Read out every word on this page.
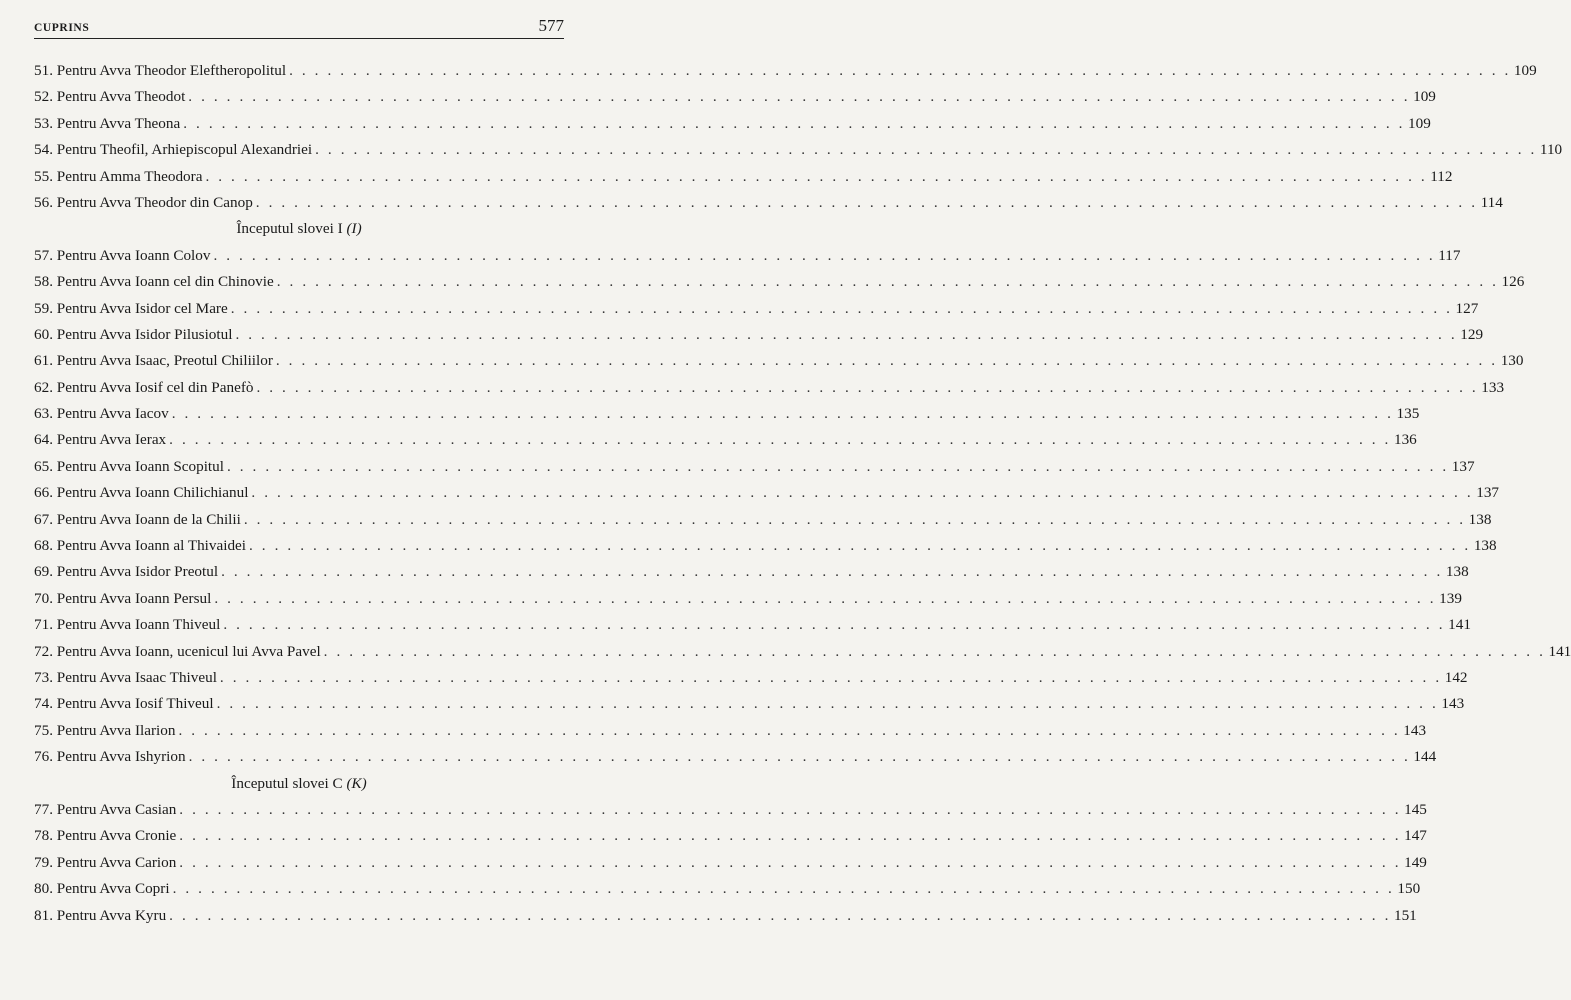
CUPRINS	577
51. Pentru Avva Theodor Eleftheropolitul . . . . . . . . . . . . . . . . . . . . . . . . . . . . . . . . . . . . . . . . . . . . . . . . . . . . . . . . . . . . . . . . . . . . . . . . . . . . . . . . . . . . . . . . . . . . . . . . 109
52. Pentru Avva Theodot . . . . . . . . . . . . . . . . . . . . . . . . . . . . . . . . . . . . . . . . . . . . . . . . . . . . . . . . . . . . . . . . . . . . . . . . . . . . . . . . . . . . . . . . . . . . . . . . 109
53. Pentru Avva Theona . . . . . . . . . . . . . . . . . . . . . . . . . . . . . . . . . . . . . . . . . . . . . . . . . . . . . . . . . . . . . . . . . . . . . . . . . . . . . . . . . . . . . . . . . . . . . . . . 109
54. Pentru Theofil, Arhiepiscopul Alexandriei . . . . . . . . . . . . . . . . . . . . . . . . . . . . . . . . . . . . . . . . . . . . . . . . . . . . . . . . . . . . . . . . . . . . . . . . . . . . . . . . . . . . . . . . . . . . . . . . 110
55. Pentru Amma Theodora . . . . . . . . . . . . . . . . . . . . . . . . . . . . . . . . . . . . . . . . . . . . . . . . . . . . . . . . . . . . . . . . . . . . . . . . . . . . . . . . . . . . . . . . . . . . . . . . 112
56. Pentru Avva Theodor din Canop . . . . . . . . . . . . . . . . . . . . . . . . . . . . . . . . . . . . . . . . . . . . . . . . . . . . . . . . . . . . . . . . . . . . . . . . . . . . . . . . . . . . . . . . . . . . . . . . 114
Începutul slovei I (I)
57. Pentru Avva Ioann Colov . . . . . . . . . . . . . . . . . . . . . . . . . . . . . . . . . . . . . . . . . . . . . . . . . . . . . . . . . . . . . . . . . . . . . . . . . . . . . . . . . . . . . . . . . . . . . . . . 117
58. Pentru Avva Ioann cel din Chinovie . . . . . . . . . . . . . . . . . . . . . . . . . . . . . . . . . . . . . . . . . . . . . . . . . . . . . . . . . . . . . . . . . . . . . . . . . . . . . . . . . . . . . . . . . . . . . . . . 126
59. Pentru Avva Isidor cel Mare . . . . . . . . . . . . . . . . . . . . . . . . . . . . . . . . . . . . . . . . . . . . . . . . . . . . . . . . . . . . . . . . . . . . . . . . . . . . . . . . . . . . . . . . . . . . . . . . 127
60. Pentru Avva Isidor Pilusiotul . . . . . . . . . . . . . . . . . . . . . . . . . . . . . . . . . . . . . . . . . . . . . . . . . . . . . . . . . . . . . . . . . . . . . . . . . . . . . . . . . . . . . . . . . . . . . . . . 129
61. Pentru Avva Isaac, Preotul Chiliilor . . . . . . . . . . . . . . . . . . . . . . . . . . . . . . . . . . . . . . . . . . . . . . . . . . . . . . . . . . . . . . . . . . . . . . . . . . . . . . . . . . . . . . . . . . . . . . . . 130
62. Pentru Avva Iosif cel din Panefò . . . . . . . . . . . . . . . . . . . . . . . . . . . . . . . . . . . . . . . . . . . . . . . . . . . . . . . . . . . . . . . . . . . . . . . . . . . . . . . . . . . . . . . . . . . . . . . . 133
63. Pentru Avva Iacov . . . . . . . . . . . . . . . . . . . . . . . . . . . . . . . . . . . . . . . . . . . . . . . . . . . . . . . . . . . . . . . . . . . . . . . . . . . . . . . . . . . . . . . . . . . . . . . . 135
64. Pentru Avva Ierax . . . . . . . . . . . . . . . . . . . . . . . . . . . . . . . . . . . . . . . . . . . . . . . . . . . . . . . . . . . . . . . . . . . . . . . . . . . . . . . . . . . . . . . . . . . . . . . . 136
65. Pentru Avva Ioann Scopitul . . . . . . . . . . . . . . . . . . . . . . . . . . . . . . . . . . . . . . . . . . . . . . . . . . . . . . . . . . . . . . . . . . . . . . . . . . . . . . . . . . . . . . . . . . . . . . . . 137
66. Pentru Avva Ioann Chilichianul . . . . . . . . . . . . . . . . . . . . . . . . . . . . . . . . . . . . . . . . . . . . . . . . . . . . . . . . . . . . . . . . . . . . . . . . . . . . . . . . . . . . . . . . . . . . . . . . 137
67. Pentru Avva Ioann de la Chilii . . . . . . . . . . . . . . . . . . . . . . . . . . . . . . . . . . . . . . . . . . . . . . . . . . . . . . . . . . . . . . . . . . . . . . . . . . . . . . . . . . . . . . . . . . . . . . . . 138
68. Pentru Avva Ioann al Thivaidei . . . . . . . . . . . . . . . . . . . . . . . . . . . . . . . . . . . . . . . . . . . . . . . . . . . . . . . . . . . . . . . . . . . . . . . . . . . . . . . . . . . . . . . . . . . . . . . . 138
69. Pentru Avva Isidor Preotul . . . . . . . . . . . . . . . . . . . . . . . . . . . . . . . . . . . . . . . . . . . . . . . . . . . . . . . . . . . . . . . . . . . . . . . . . . . . . . . . . . . . . . . . . . . . . . . . 138
70. Pentru Avva Ioann Persul . . . . . . . . . . . . . . . . . . . . . . . . . . . . . . . . . . . . . . . . . . . . . . . . . . . . . . . . . . . . . . . . . . . . . . . . . . . . . . . . . . . . . . . . . . . . . . . . 139
71. Pentru Avva Ioann Thiveul . . . . . . . . . . . . . . . . . . . . . . . . . . . . . . . . . . . . . . . . . . . . . . . . . . . . . . . . . . . . . . . . . . . . . . . . . . . . . . . . . . . . . . . . . . . . . . . . 141
72. Pentru Avva Ioann, ucenicul lui Avva Pavel . . . . . . . . . . . . . . . . . . . . . . . . . . . . . . . . . . . . . . . . . . . . . . . . . . . . . . . . . . . . . . . . . . . . . . . . . . . . . . . . . . . . . . . . . . . . . . . . 141
73. Pentru Avva Isaac Thiveul . . . . . . . . . . . . . . . . . . . . . . . . . . . . . . . . . . . . . . . . . . . . . . . . . . . . . . . . . . . . . . . . . . . . . . . . . . . . . . . . . . . . . . . . . . . . . . . . 142
74. Pentru Avva Iosif Thiveul . . . . . . . . . . . . . . . . . . . . . . . . . . . . . . . . . . . . . . . . . . . . . . . . . . . . . . . . . . . . . . . . . . . . . . . . . . . . . . . . . . . . . . . . . . . . . . . . 143
75. Pentru Avva Ilarion . . . . . . . . . . . . . . . . . . . . . . . . . . . . . . . . . . . . . . . . . . . . . . . . . . . . . . . . . . . . . . . . . . . . . . . . . . . . . . . . . . . . . . . . . . . . . . . . 143
76. Pentru Avva Ishyrion . . . . . . . . . . . . . . . . . . . . . . . . . . . . . . . . . . . . . . . . . . . . . . . . . . . . . . . . . . . . . . . . . . . . . . . . . . . . . . . . . . . . . . . . . . . . . . . . 144
Începutul slovei C (K)
77. Pentru Avva Casian . . . . . . . . . . . . . . . . . . . . . . . . . . . . . . . . . . . . . . . . . . . . . . . . . . . . . . . . . . . . . . . . . . . . . . . . . . . . . . . . . . . . . . . . . . . . . . . . 145
78. Pentru Avva Cronie . . . . . . . . . . . . . . . . . . . . . . . . . . . . . . . . . . . . . . . . . . . . . . . . . . . . . . . . . . . . . . . . . . . . . . . . . . . . . . . . . . . . . . . . . . . . . . . . 147
79. Pentru Avva Carion . . . . . . . . . . . . . . . . . . . . . . . . . . . . . . . . . . . . . . . . . . . . . . . . . . . . . . . . . . . . . . . . . . . . . . . . . . . . . . . . . . . . . . . . . . . . . . . . 149
80. Pentru Avva Copri . . . . . . . . . . . . . . . . . . . . . . . . . . . . . . . . . . . . . . . . . . . . . . . . . . . . . . . . . . . . . . . . . . . . . . . . . . . . . . . . . . . . . . . . . . . . . . . . 150
81. Pentru Avva Kyru . . . . . . . . . . . . . . . . . . . . . . . . . . . . . . . . . . . . . . . . . . . . . . . . . . . . . . . . . . . . . . . . . . . . . . . . . . . . . . . . . . . . . . . . . . . . . . . . 151
